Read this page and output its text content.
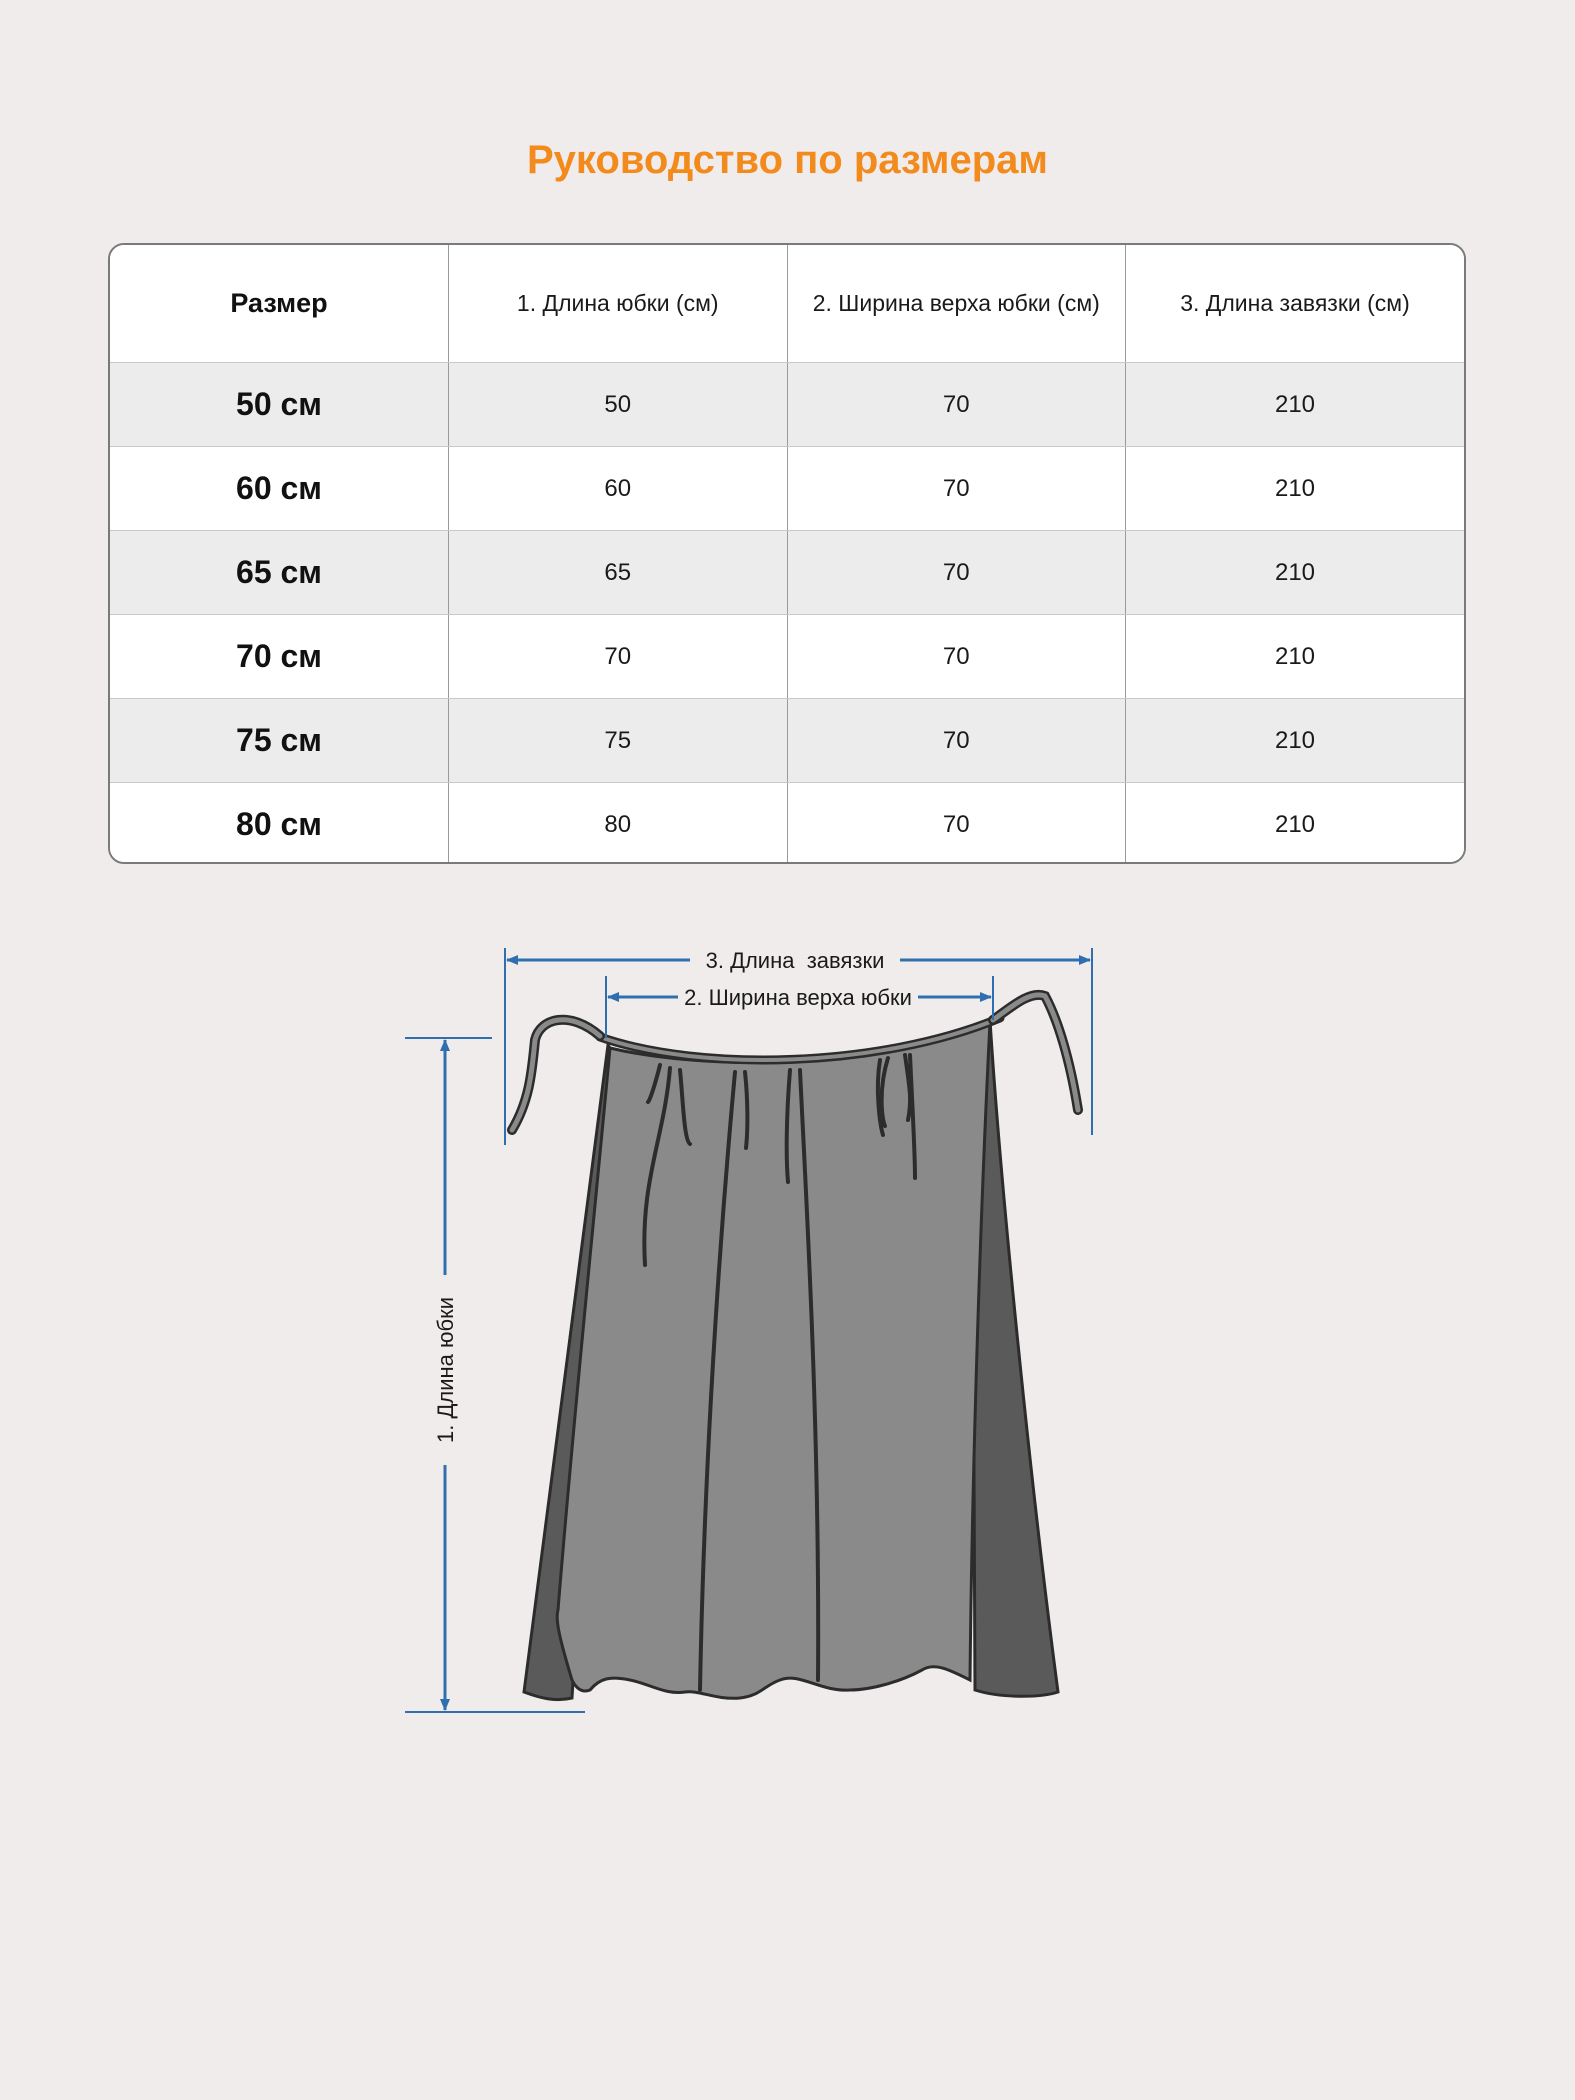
Руководство по размерам
Размер	1. Длина юбки (см)	2. Ширина верха юбки (см)	3. Длина завязки (см)
50 см	50	70	210
60 см	60	70	210
65 см	65	70	210
70 см	70	70	210
75 см	75	70	210
80 см	80	70	210
3. Длина  завязки
2. Ширина верха юбки
1. Длина юбки
